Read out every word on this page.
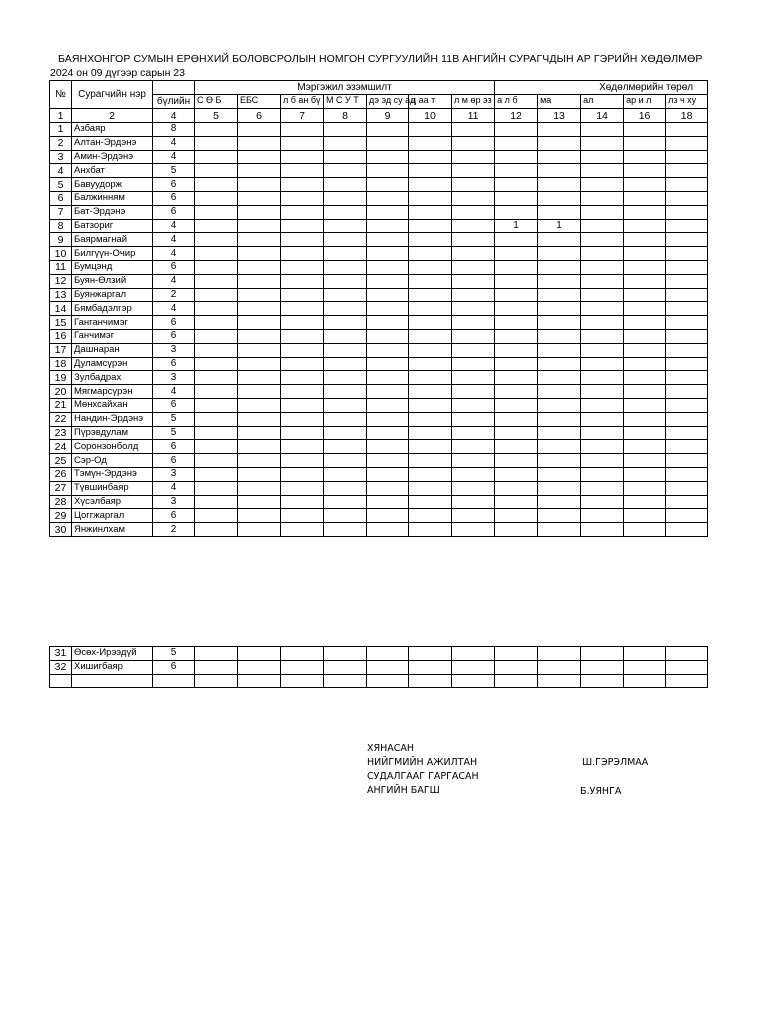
БАЯНХОНГОР СУМЫН ЕРӨНХИЙ БОЛОВСРОЛЫН НОМГОН СУРГУУЛИЙН 11В АНГИЙН СУРАГЧДЫН АР ГЭРИЙН ХӨДӨЛМӨР
2024 он 09 дүгээр сарын 23
№	Сурагчийн нэр		Мэргэжил эзэмшилт							Хөдөлмөрийн төрөл				
		бүлийн	С Ө Б	ЕБС	л б ан бү	М С У Т	дэ эд су ад	ц аа т	л м өр эз	а л б	ма	ал	ар и л	лз ч ху
1	2	4	5	6	7	8	9	10	11	12	13	14	16	18
1	Азбаяр	8												
2	Алтан-Эрдэнэ	4												
3	Амин-Эрдэнэ	4												
4	Анхбат	5												
5	Бавуудорж	6												
6	Балжинням	6												
7	Бат-Эрдэнэ	6												
8	Батзориг	4								1	1			
9	Баярмагнай	4												
10	Билгүүн-Очир	4												
11	Бумцэнд	6												
12	Буян-Өлзий	4												
13	Буянжаргал	2												
14	Бямбадэлгэр	4												
15	Ганганчимэг	6												
16	Ганчимэг	6												
17	Дашнаран	3												
18	Дуламсүрэн	6												
19	Зулбадрах	3												
20	Мягмарсүрэн	4												
21	Мөнхсайхан	6												
22	Нандин-Эрдэнэ	5												
23	Пүрэвдулам	5												
24	Соронзонболд	6												
25	Сэр-Од	6												
26	Тэмүн-Эрдэнэ	3												
27	Түвшинбаяр	4												
28	Хүсэлбаяр	3												
29	Цоггжаргал	6												
30	Янжинлхам	2												
31	Өсөх-Ирээдүй	5												
32	Хишигбаяр	6												

ХЯНАСАН
НИЙГМИЙН АЖИЛТАН	Ш.ГЭРЭЛМАА
СУДАЛГААГ ГАРГАСАН
АНГИЙН БАГШ	Б.УЯНГА
